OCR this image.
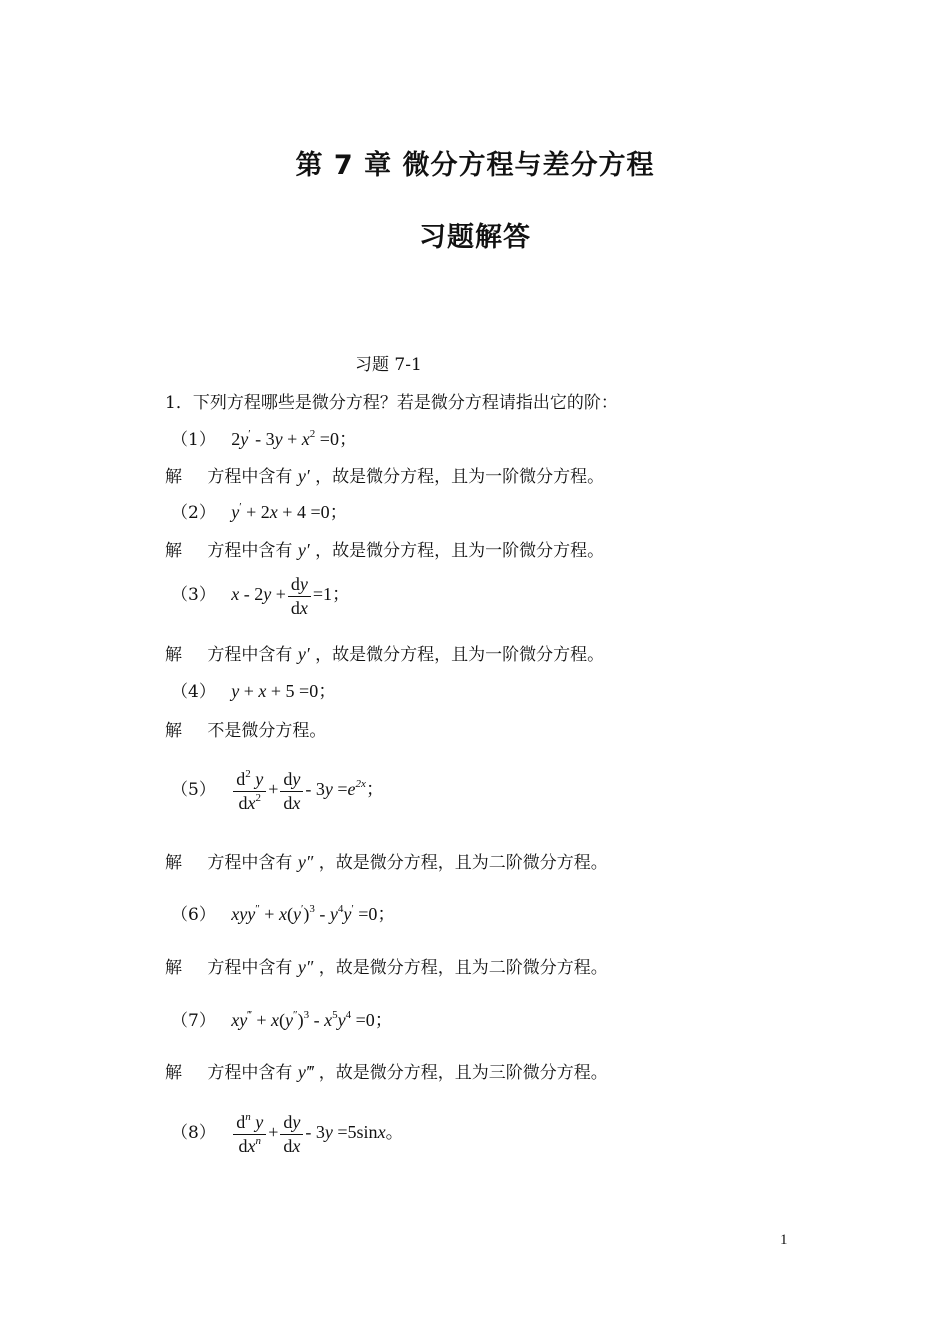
第 7 章 微分方程与差分方程
习题解答
习题 7-1
1．下列方程哪些是微分方程？若是微分方程请指出它的阶：
（1） $2y' - 3y + x^2 =0$；
解 方程中含有 y′ ，故是微分方程，且为一阶微分方程。
（2） y′ + 2x + 4 =0；
解 方程中含有 y′ ，故是微分方程，且为一阶微分方程。
（3） $x - 2y + \frac{dy}{dx} =1$；
解 方程中含有 y′ ，故是微分方程，且为一阶微分方程。
（4） y + x + 5 =0；
解 不是微分方程。
$(5) \frac{d^2 y}{dx^2} + \frac{dy}{dx} - 3y =e^{2x}$；
解 方程中含有 y″ ，故是微分方程，且为二阶微分方程。
（6） $xyy'' + x(y')^3 - y^4y' =0$；
解 方程中含有 y″ ，故是微分方程，且为二阶微分方程。
（7） $xy^‴ + x(y'')^3 - x^5y^4 =0$；
解 方程中含有 y‴ ，故是微分方程，且为三阶微分方程。
$(8) \frac{d^n y}{dx^n} + \frac{dy}{dx} - 3y =5\sin x$。
1
